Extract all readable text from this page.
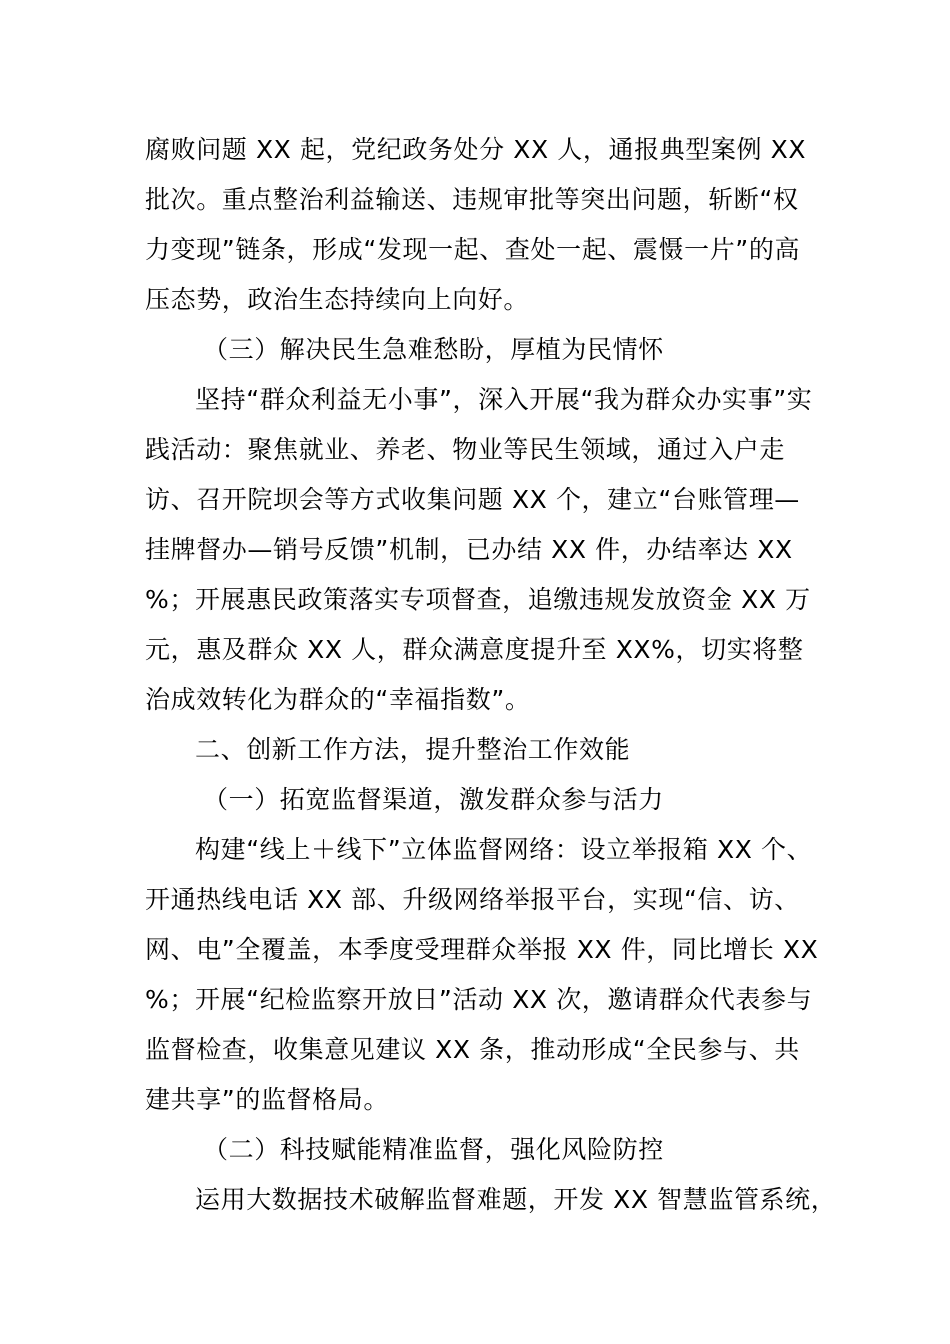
腐败问题 XX 起，党纪政务处分 XX 人，通报典型案例 XX
批次。重点整治利益输送、违规审批等突出问题，斩断“权
力变现”链条，形成“发现一起、查处一起、震慑一片”的高
压态势，政治生态持续向上向好。
（三）解决民生急难愁盼，厚植为民情怀
坚持“群众利益无小事”，深入开展“我为群众办实事”实
践活动：聚焦就业、养老、物业等民生领域，通过入户走
访、召开院坝会等方式收集问题 XX 个，建立“台账管理—
挂牌督办—销号反馈”机制，已办结 XX 件，办结率达 XX
%；开展惠民政策落实专项督查，追缴违规发放资金 XX 万
元，惠及群众 XX 人，群众满意度提升至 XX%，切实将整
治成效转化为群众的“幸福指数”。
二、创新工作方法，提升整治工作效能
（一）拓宽监督渠道，激发群众参与活力
构建“线上＋线下”立体监督网络：设立举报箱 XX 个、
开通热线电话 XX 部、升级网络举报平台，实现“信、访、
网、电”全覆盖，本季度受理群众举报 XX 件，同比增长 XX
%；开展“纪检监察开放日”活动 XX 次，邀请群众代表参与
监督检查，收集意见建议 XX 条，推动形成“全民参与、共
建共享”的监督格局。
（二）科技赋能精准监督，强化风险防控
运用大数据技术破解监督难题，开发 XX 智慧监管系统，
